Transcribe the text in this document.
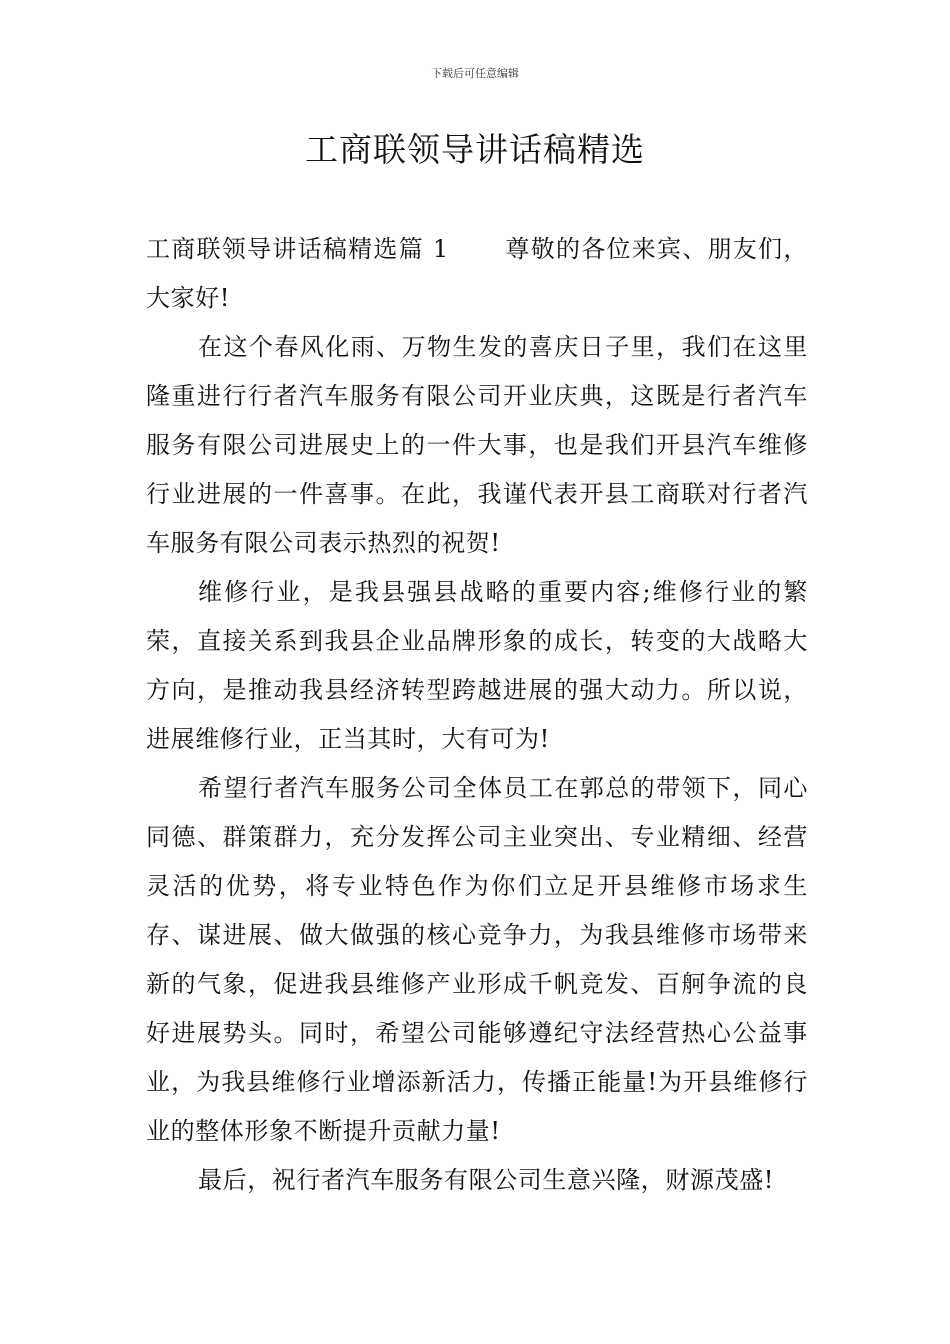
下载后可任意编辑
工商联领导讲话稿精选

工商联领导讲话稿精选篇 1 尊敬的各位来宾、朋友们，大家好!

在这个春风化雨、万物生发的喜庆日子里，我们在这里隆重进行行者汽车服务有限公司开业庆典，这既是行者汽车服务有限公司进展史上的一件大事，也是我们开县汽车维修行业进展的一件喜事。在此，我谨代表开县工商联对行者汽车服务有限公司表示热烈的祝贺!

维修行业，是我县强县战略的重要内容;维修行业的繁荣，直接关系到我县企业品牌形象的成长，转变的大战略大方向，是推动我县经济转型跨越进展的强大动力。所以说，进展维修行业，正当其时，大有可为!

希望行者汽车服务公司全体员工在郭总的带领下，同心同德、群策群力，充分发挥公司主业突出、专业精细、经营灵活的优势，将专业特色作为你们立足开县维修市场求生存、谋进展、做大做强的核心竞争力，为我县维修市场带来新的气象，促进我县维修产业形成千帆竞发、百舸争流的良好进展势头。同时，希望公司能够遵纪守法经营热心公益事业，为我县维修行业增添新活力，传播正能量!为开县维修行业的整体形象不断提升贡献力量!

最后，祝行者汽车服务有限公司生意兴隆，财源茂盛!
